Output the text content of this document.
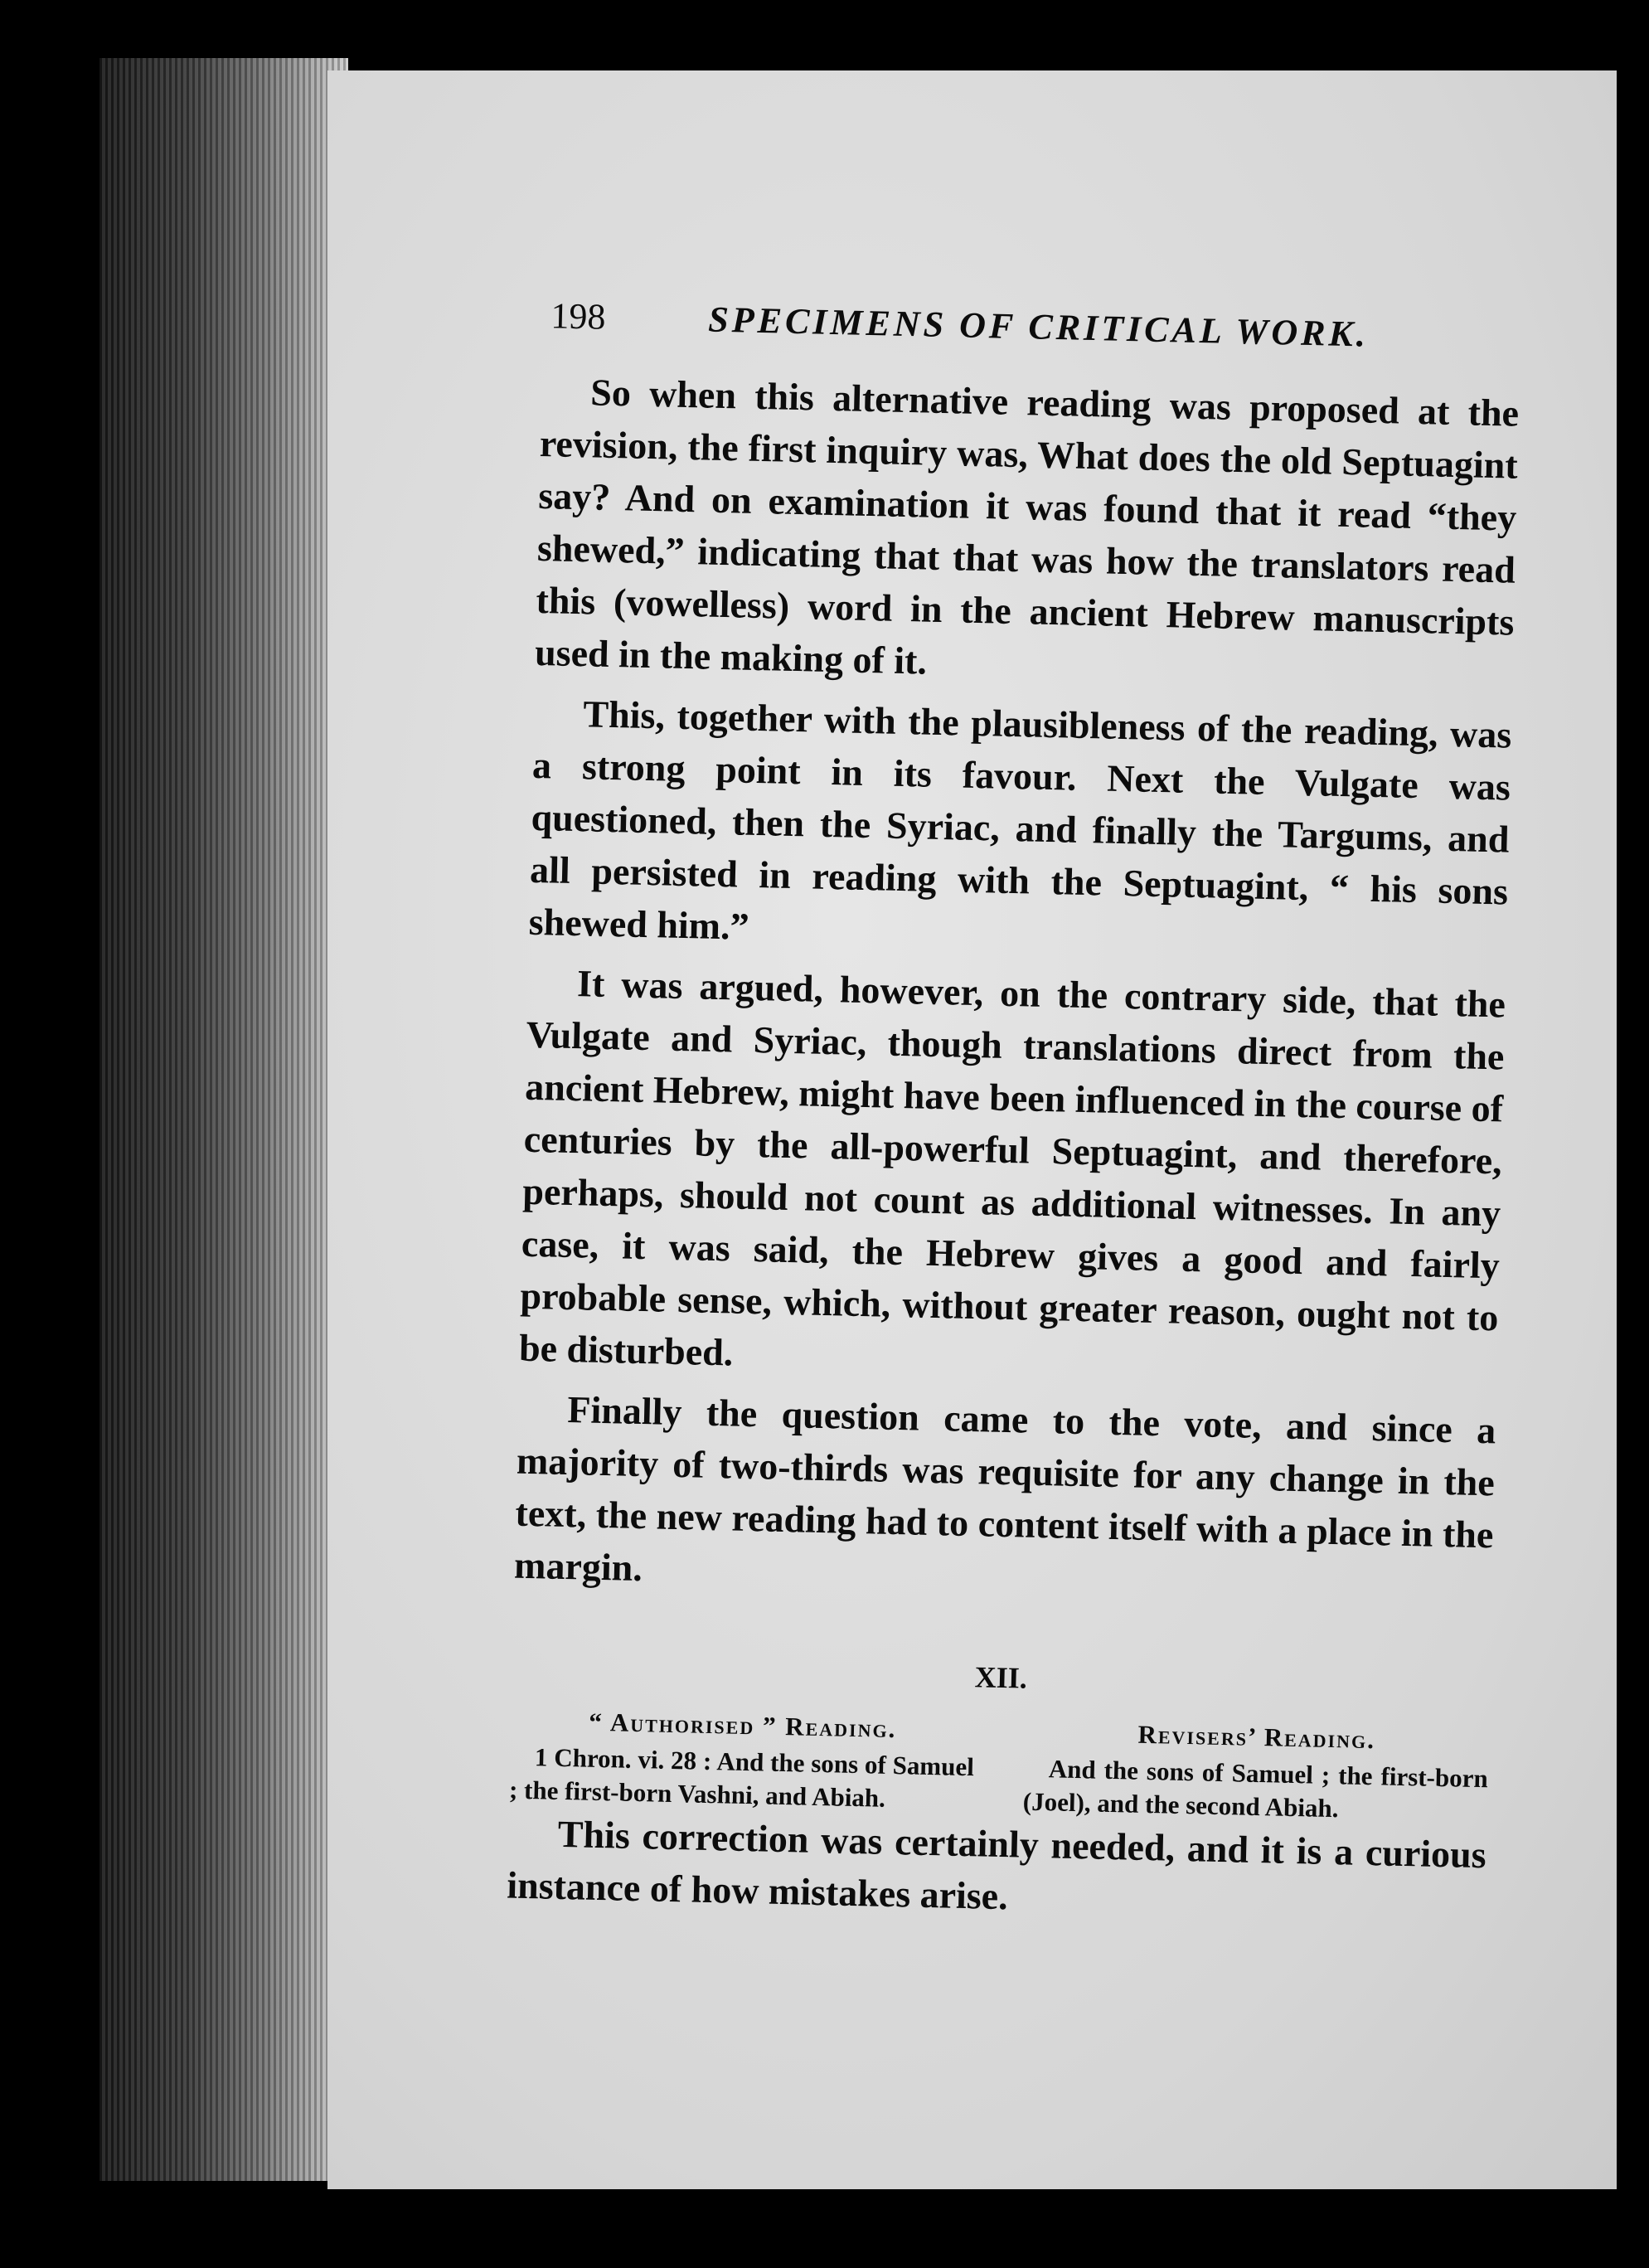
198	SPECIMENS OF CRITICAL WORK.

So when this alternative reading was proposed at the revision, the first inquiry was, What does the old Septuagint say? And on examination it was found that it read “they shewed,” indicating that that was how the translators read this (vowelless) word in the ancient Hebrew manuscripts used in the making of it.

This, together with the plausibleness of the reading, was a strong point in its favour. Next the Vulgate was questioned, then the Syriac, and finally the Targums, and all persisted in reading with the Septuagint, “ his sons shewed him.”

It was argued, however, on the contrary side, that the Vulgate and Syriac, though translations direct from the ancient Hebrew, might have been influenced in the course of centuries by the all-powerful Septuagint, and therefore, perhaps, should not count as additional witnesses. In any case, it was said, the Hebrew gives a good and fairly probable sense, which, without greater reason, ought not to be disturbed.

Finally the question came to the vote, and since a majority of two-thirds was requisite for any change in the text, the new reading had to content itself with a place in the margin.

XII.
“ Authorised ” Reading.
1 Chron. vi. 28 : And the sons of Samuel ; the first-born Vashni, and Abiah.
Revisers’ Reading.
And the sons of Samuel ; the first-born (Joel), and the second Abiah.

This correction was certainly needed, and it is a curious instance of how mistakes arise.
